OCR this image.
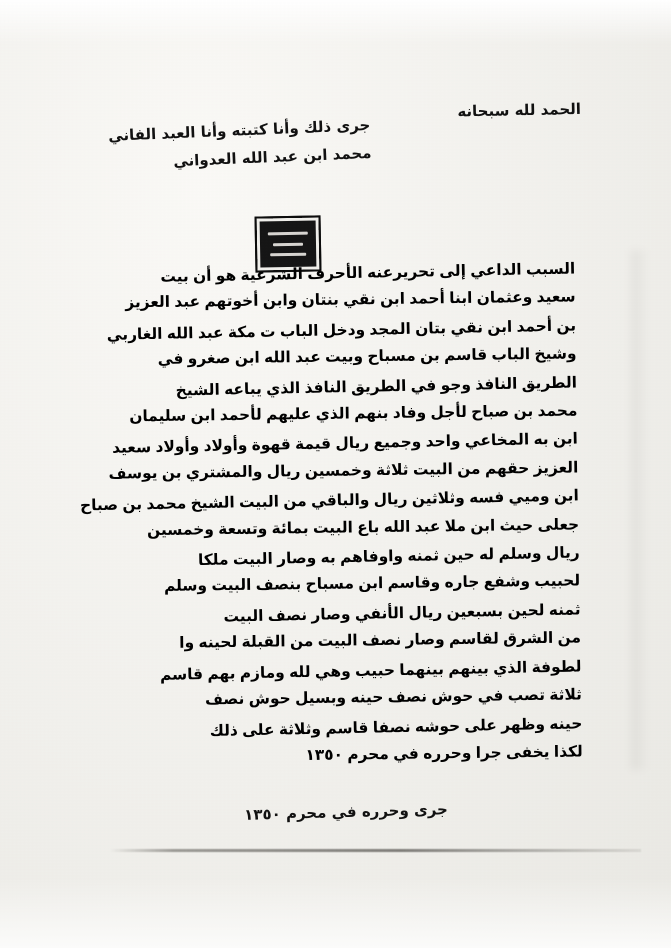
الحمد لله سبحانه
جرى ذلك وأنا كتبته وأنا العبد الفاني
محمد ابن عبد الله العدواني
السبب الداعي إلى تحريرعنه الأحرف الشرعية هو أن بيت
سعيد وعثمان ابنا أحمد ابن نقي بنتان وابن أخوتهم عبد العزيز
بن أحمد ابن نقي بتان المجد ودخل الباب ت مكة عبد الله الغاربي
وشيخ الباب قاسم بن مسباح وبيت عبد الله ابن صغرو في
الطريق النافذ وجو في الطريق النافذ الذي يباعه الشيخ
محمد بن صباح لأجل وفاد بنهم الذي عليهم لأحمد ابن سليمان
ابن به المخاعي واحد وجميع ريال قيمة قهوة وأولاد وأولاد سعيد
العزيز حقهم من البيت ثلاثة وخمسين ريال والمشتري بن يوسف
ابن وميي فسه وثلاثين ريال والباقي من البيت الشيخ محمد بن صباح
جعلى حيث ابن ملا عبد الله باع البيت بمائة وتسعة وخمسين
ريال وسلم له حين ثمنه واوفاهم به وصار البيت ملكا
لحبيب وشفع جاره وقاسم ابن مسباح بنصف البيت وسلم
ثمنه لحين بسبعين ريال الأنفي وصار نصف البيت
من الشرق لقاسم وصار نصف البيت من القبلة لحينه وا
لطوفة الذي بينهم بينهما حبيب وهي لله ومازم بهم قاسم
ثلاثة تصب في حوش نصف حينه وبسيل حوش نصف
حينه وظهر على حوشه نصفا قاسم وثلاثة على ذلك
لكذا يخفى جرا وحرره في محرم ١٣٥٠
جرى وحرره في محرم ١٣٥٠
